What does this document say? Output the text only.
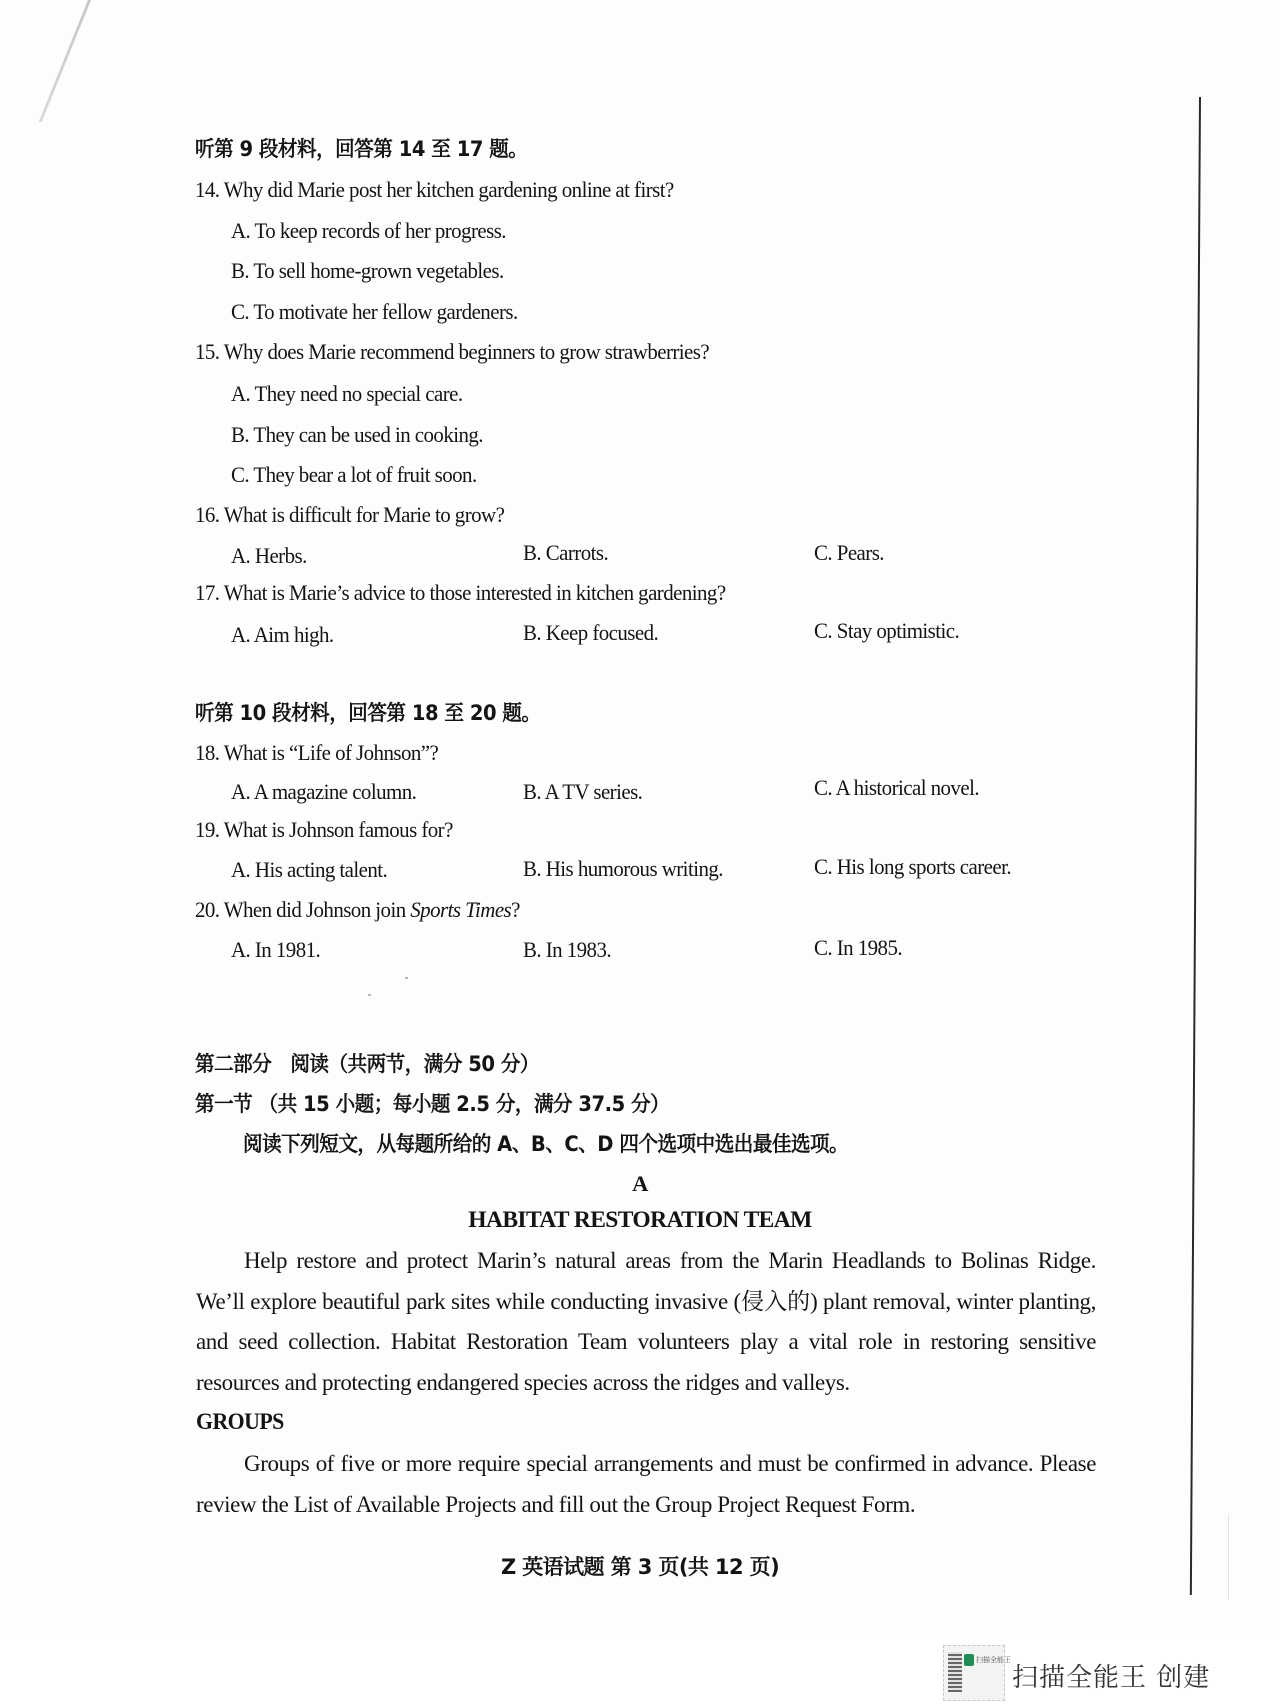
听第 9 段材料，回答第 14 至 17 题。
14. Why did Marie post her kitchen gardening online at first?
A. To keep records of her progress.
B. To sell home-grown vegetables.
C. To motivate her fellow gardeners.
15. Why does Marie recommend beginners to grow strawberries?
A. They need no special care.
B. They can be used in cooking.
C. They bear a lot of fruit soon.
16. What is difficult for Marie to grow?
A. Herbs.	B. Carrots.	C. Pears.
17. What is Marie’s advice to those interested in kitchen gardening?
A. Aim high.	B. Keep focused.	C. Stay optimistic.
听第 10 段材料，回答第 18 至 20 题。
18. What is “Life of Johnson”?
A. A magazine column.	B. A TV series.	C. A historical novel.
19. What is Johnson famous for?
A. His acting talent.	B. His humorous writing.	C. His long sports career.
20. When did Johnson join Sports Times?
A. In 1981.	B. In 1983.	C. In 1985.
第二部分　阅读（共两节，满分 50 分）
第一节 （共 15 小题；每小题 2.5 分，满分 37.5 分）
阅读下列短文，从每题所给的 A、B、C、D 四个选项中选出最佳选项。
A
HABITAT RESTORATION TEAM
Help restore and protect Marin’s natural areas from the Marin Headlands to Bolinas Ridge. We’ll explore beautiful park sites while conducting invasive (侵入的) plant removal, winter planting, and seed collection. Habitat Restoration Team volunteers play a vital role in restoring sensitive resources and protecting endangered species across the ridges and valleys.
GROUPS
Groups of five or more require special arrangements and must be confirmed in advance. Please review the List of Available Projects and fill out the Group Project Request Form.
Z 英语试题 第 3 页(共 12 页)
扫描全能王
扫描全能王 创建
